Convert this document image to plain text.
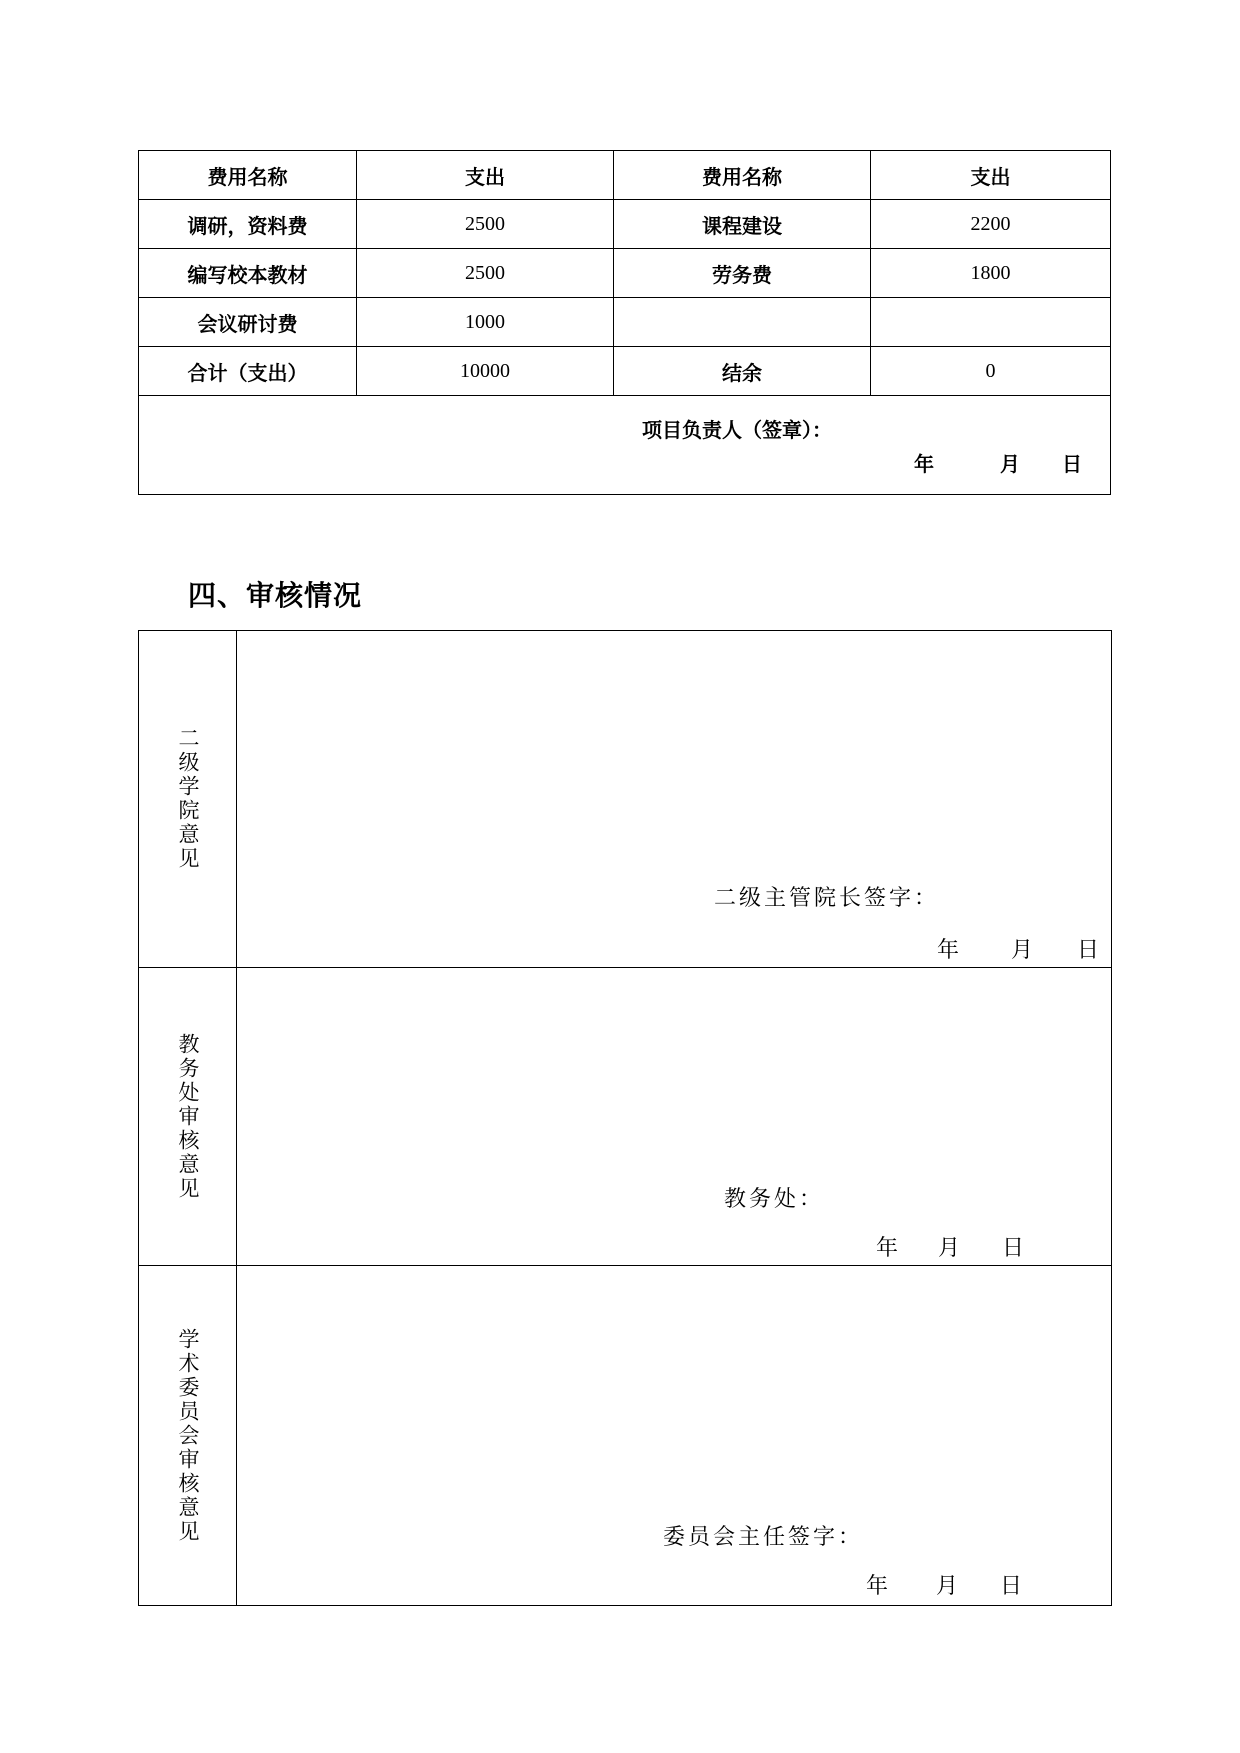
费用名称	支出	费用名称	支出
调研，资料费	2500	课程建设	2200
编写校本教材	2500	劳务费	1800
会议研讨费	1000		
合计（支出）	10000	结余	0

项目负责人（签章）：
年 月 日			
四、审核情况
二级学院意见
二级主管院长签字：
年 月 日
教务处审核意见	教务处：
年 月 日
学术委员会审核意见	委员会主任签字：
年 月 日
